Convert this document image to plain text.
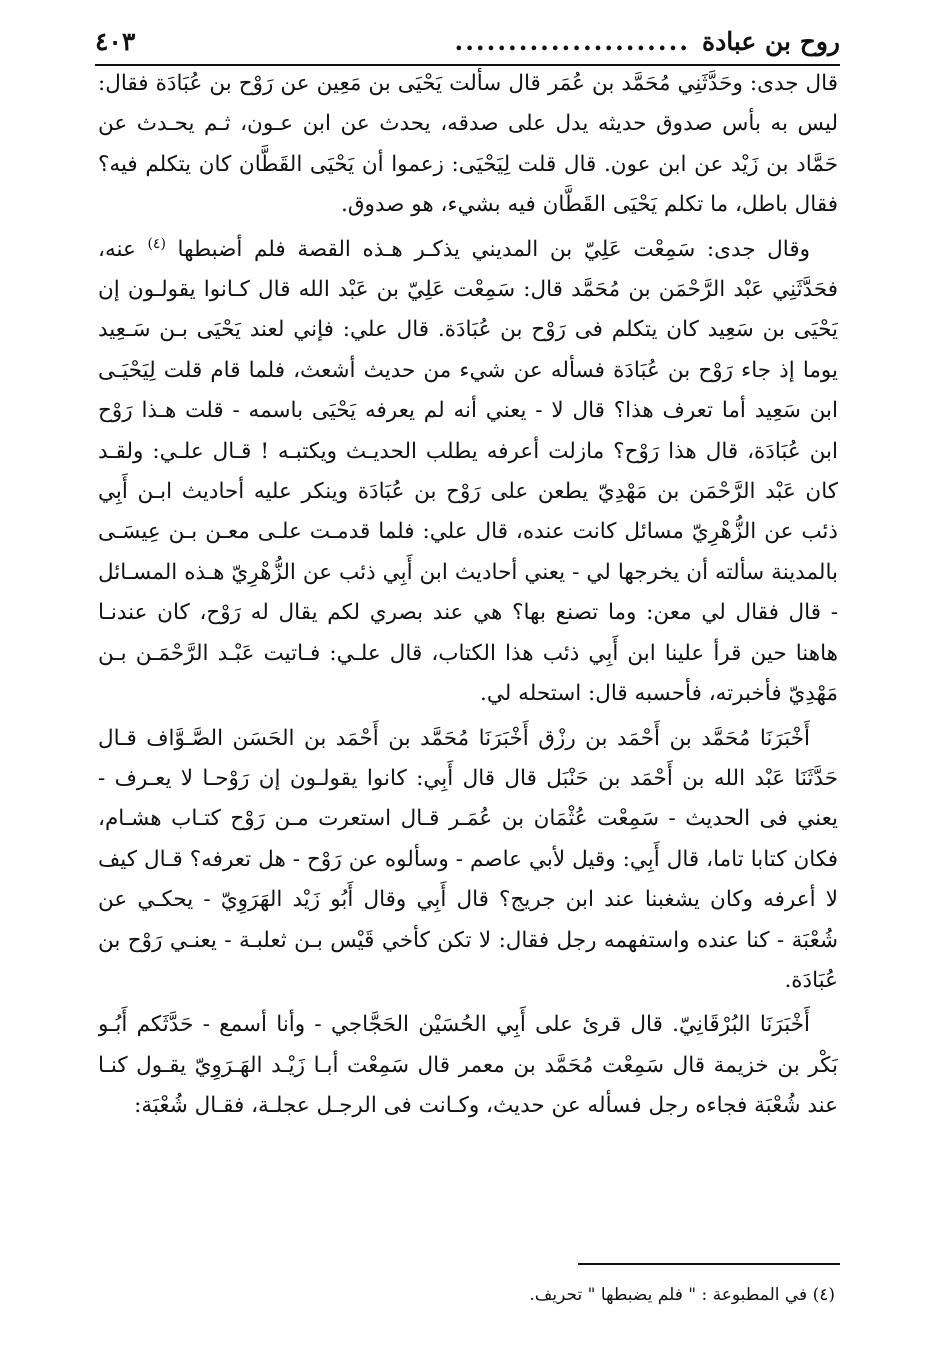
روح بن عبادة
......................
٤٠٣

قال جدى: وحَدَّثَنِي مُحَمَّد بن عُمَر قال سألت يَحْيَى بن مَعِين عن رَوْح بن عُبَادَة فقال: ليس به بأس صدوق حديثه يدل على صدقه، يحدث عن ابن عـون، ثـم يحـدث عن حَمَّاد بن زَيْد عن ابن عون. قال قلت لِيَحْيَى: زعموا أن يَحْيَى القَطَّان كان يتكلم فيه؟ فقال باطل، ما تكلم يَحْيَى القَطَّان فيه بشيء، هو صدوق.

وقال جدى: سَمِعْت عَلِيّ بن المديني يذكـر هـذه القصة فلم أضبطها $^{(٤)}$ عنه، فحَدَّثَنِي عَبْد الرَّحْمَن بن مُحَمَّد قال: سَمِعْت عَلِيّ بن عَبْد الله قال كـانوا يقولـون إن يَحْيَى بن سَعِيد كان يتكلم فى رَوْح بن عُبَادَة. قال علي: فإني لعند يَحْيَى بـن سَـعِيد يوما إذ جاء رَوْح بن عُبَادَة فسأله عن شيء من حديث أشعث، فلما قام قلت لِيَحْيَـى ابن سَعِيد أما تعرف هذا؟ قال لا - يعني أنه لم يعرفه يَحْيَى باسمه - قلت هـذا رَوْح ابن عُبَادَة، قال هذا رَوْح؟ مازلت أعرفه يطلب الحديـث ويكتبـه ! قـال علـي: ولقـد كان عَبْد الرَّحْمَن بن مَهْدِيّ يطعن على رَوْح بن عُبَادَة وينكر عليه أحاديث ابـن أَبِي ذئب عن الزُّهْرِيّ مسائل كانت عنده، قال علي: فلما قدمـت علـى معـن بـن عِيسَـى بالمدينة سألته أن يخرجها لي - يعني أحاديث ابن أَبِي ذئب عن الزُّهْرِيّ هـذه المسـائل - قال فقال لي معن: وما تصنع بها؟ هي عند بصري لكم يقال له رَوْح، كان عندنـا هاهنا حين قرأ علينا ابن أَبِي ذئب هذا الكتاب، قال علـي: فـاتيت عَبْـد الرَّحْمَـن بـن مَهْدِيّ فأخبرته، فأحسبه قال: استحله لي.

أَخْبَرَنَا مُحَمَّد بن أَحْمَد بن رزْق أَخْبَرَنَا مُحَمَّد بن أَحْمَد بن الحَسَن الصَّـوَّاف قـال حَدَّثَنَا عَبْد الله بن أَحْمَد بن حَنْبَل قال قال أَبِي: كانوا يقولـون إن رَوْحـا لا يعـرف - يعني فى الحديث - سَمِعْت عُثْمَان بن عُمَـر قـال استعرت مـن رَوْح كتـاب هشـام، فكان كتابا تاما، قال أَبِي: وقيل لأبي عاصم - وسألوه عن رَوْح - هل تعرفه؟ قـال كيف لا أعرفه وكان يشغبنا عند ابن جريج؟ قال أَبِي وقال أَبُو زَيْد الهَرَوِيّ - يحكـي عن شُعْبَة - كنا عنده واستفهمه رجل فقال: لا تكن كأخي قَيْس بـن ثعلبـة - يعنـي رَوْح بن عُبَادَة.

أَخْبَرَنَا البُرْقَانِيّ. قال قرئ على أَبِي الحُسَيْن الحَجَّاجي - وأنا أسمع - حَدَّثَكم أَبُـو بَكْر بن خزيمة قال سَمِعْت مُحَمَّد بن معمر قال سَمِعْت أبـا زَيْـد الهَـرَوِيّ يقـول كنـا عند شُعْبَة فجاءه رجل فسأله عن حديث، وكـانت فى الرجـل عجلـة، فقـال شُعْبَة:

(٤) في المطبوعة : " فلم يضبطها " تحريف.
